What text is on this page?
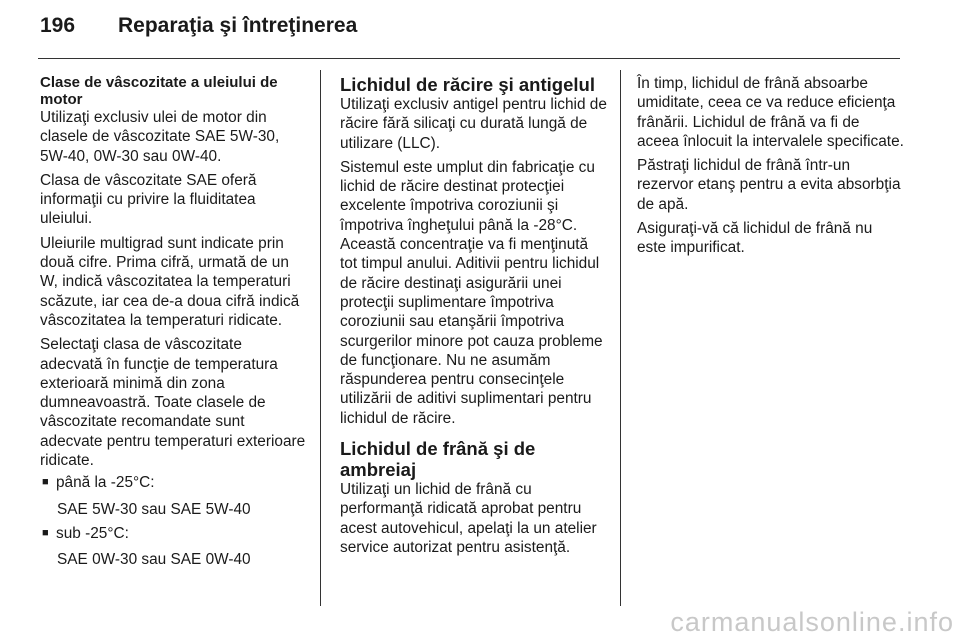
196	Reparaţia şi întreţinerea
Clase de vâscozitate a uleiului de motor

Utilizaţi exclusiv ulei de motor din clasele de vâscozitate SAE 5W-30, 5W-40, 0W-30 sau 0W-40.

Clasa de vâscozitate SAE oferă informaţii cu privire la fluiditatea uleiului.

Uleiurile multigrad sunt indicate prin două cifre. Prima cifră, urmată de un W, indică vâscozitatea la temperaturi scăzute, iar cea de-a doua cifră indică vâscozitatea la temperaturi ridicate.

Selectaţi clasa de vâscozitate adecvată în funcţie de temperatura exterioară minimă din zona dumneavoastră. Toate clasele de vâscozitate recomandate sunt adecvate pentru temperaturi exterioare ridicate.

■ până la -25°C:
SAE 5W-30 sau SAE 5W-40
■ sub -25°C:
SAE 0W-30 sau SAE 0W-40
Lichidul de răcire şi antigelul

Utilizaţi exclusiv antigel pentru lichid de răcire fără silicaţi cu durată lungă de utilizare (LLC).

Sistemul este umplut din fabricaţie cu lichid de răcire destinat protecţiei excelente împotriva coroziunii şi împotriva îngheţului până la -28°C. Această concentraţie va fi menţinută tot timpul anului. Aditivii pentru lichidul de răcire destinaţi asigurării unei protecţii suplimentare împotriva coroziunii sau etanşării împotriva scurgerilor minore pot cauza probleme de funcţionare. Nu ne asumăm răspunderea pentru consecinţele utilizării de aditivi suplimentari pentru lichidul de răcire.

Lichidul de frână şi de ambreiaj

Utilizaţi un lichid de frână cu performanţă ridicată aprobat pentru acest autovehicul, apelaţi la un atelier service autorizat pentru asistenţă.

În timp, lichidul de frână absoarbe umiditate, ceea ce va reduce eficienţa frânării. Lichidul de frână va fi de aceea înlocuit la intervalele specificate.

Păstraţi lichidul de frână într-un rezervor etanş pentru a evita absorbţia de apă.

Asiguraţi-vă că lichidul de frână nu este impurificat.

carmanualsonline.info
